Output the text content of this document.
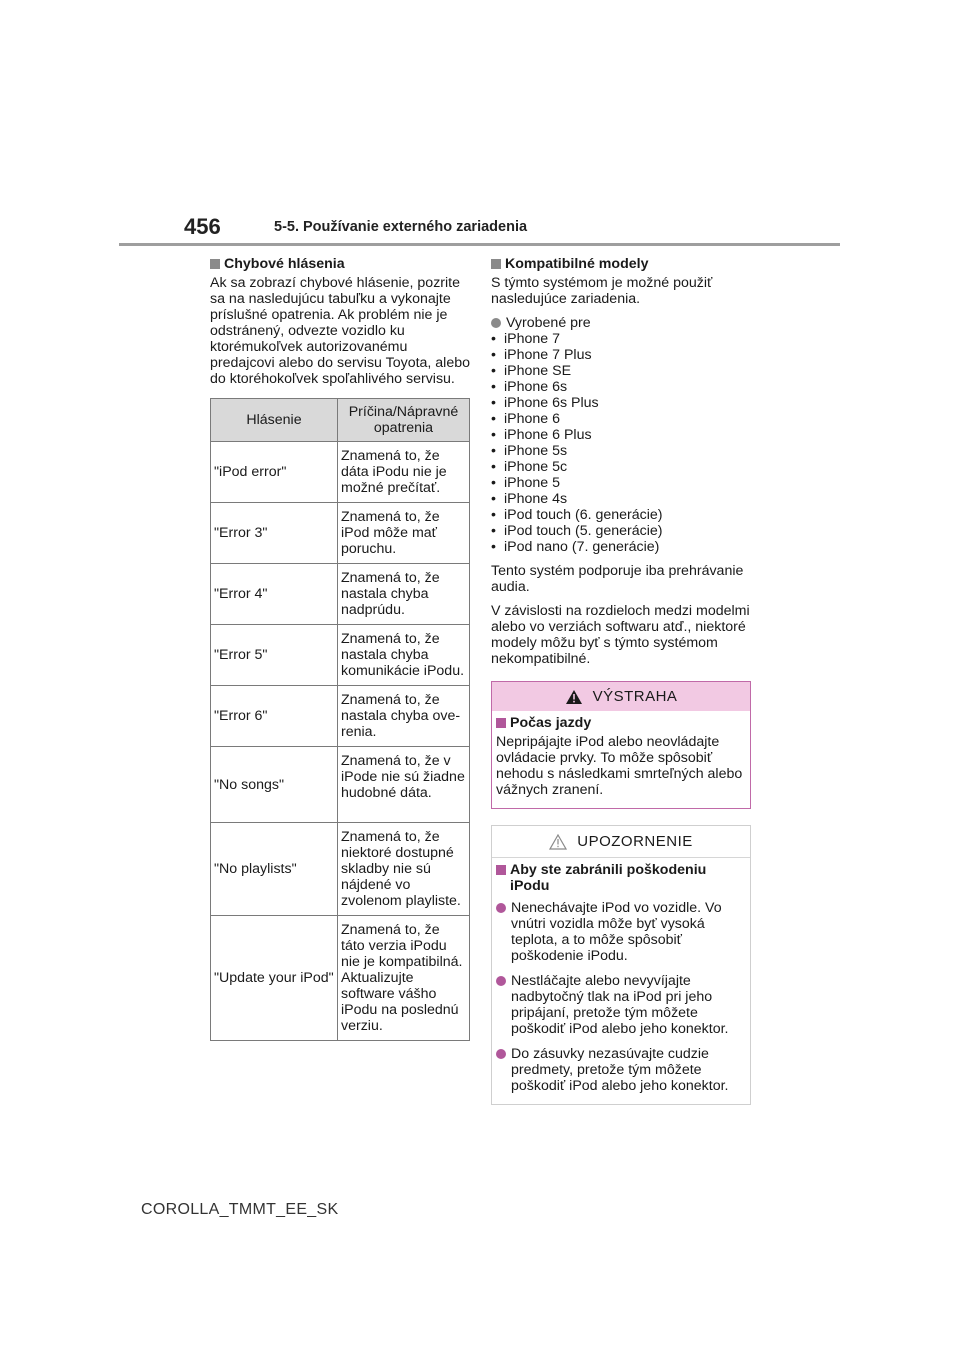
456	5-5. Používanie externého zariadenia
Chybové hlásenia
Ak sa zobrazí chybové hlásenie, pozrite sa na nasledujúcu tabuľku a vykonajte príslušné opatrenia. Ak problém nie je odstránený, odvezte vozidlo ku ktorémukoľvek autorizovanému predajcovi alebo do servisu Toyota, alebo do ktoréhokoľvek spoľahlivého servisu.
Hlásenie	Príčina/Nápravné opatrenia
"iPod error"	Znamená to, že dáta iPodu nie je možné prečítať.
"Error 3"	Znamená to, že iPod môže mať poruchu.
"Error 4"	Znamená to, že nastala chyba nadprúdu.
"Error 5"	Znamená to, že nastala chyba komunikácie iPodu.
"Error 6"	Znamená to, že nastala chyba ove-
renia.
"No songs"	Znamená to, že v iPode nie sú žiadne hudobné dáta.
"No playlists"	Znamená to, že niektoré dostupné skladby nie sú nájdené vo zvolenom playliste.
"Update your iPod"	Znamená to, že táto verzia iPodu nie je kompatibilná. Aktualizujte software vášho iPodu na poslednú verziu.
Kompatibilné modely
S týmto systémom je možné použiť nasledujúce zariadenia.
Vyrobené pre
• iPhone 7
• iPhone 7 Plus
• iPhone SE
• iPhone 6s
• iPhone 6s Plus
• iPhone 6
• iPhone 6 Plus
• iPhone 5s
• iPhone 5c
• iPhone 5
• iPhone 4s
• iPod touch (6. generácie)
• iPod touch (5. generácie)
• iPod nano (7. generácie)
Tento systém podporuje iba prehrávanie audia.
V závislosti na rozdieloch medzi modelmi alebo vo verziách softwaru atď., niektoré modely môžu byť s týmto systémom nekompatibilné.
VÝSTRAHA
Počas jazdy
Nepripájajte iPod alebo neovládajte ovládacie prvky. To môže spôsobiť nehodu s následkami smrteľných alebo vážnych zranení.
UPOZORNENIE
Aby ste zabránili poškodeniu iPodu
Nenechávajte iPod vo vozidle. Vo vnútri vozidla môže byť vysoká teplota, a to môže spôsobiť poškodenie iPodu.
Nestláčajte alebo nevyvíjajte nadbytočný tlak na iPod pri jeho pripájaní, pretože tým môžete poškodiť iPod alebo jeho konektor.
Do zásuvky nezasúvajte cudzie predmety, pretože tým môžete poškodiť iPod alebo jeho konektor.
COROLLA_TMMT_EE_SK
